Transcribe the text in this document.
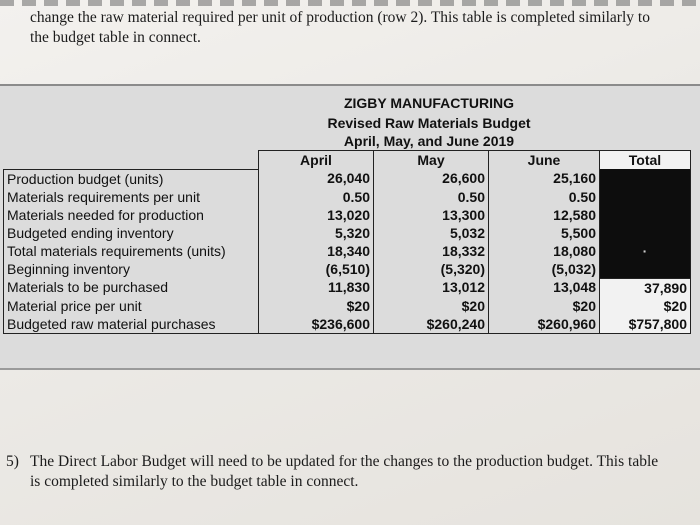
change the raw material required per unit of production (row 2). This table is completed similarly to
the budget table in connect.
	ZIGBY MANUFACTURING			
	Revised Raw Materials Budget			
	April, May, and June 2019			
	April	May	June	Total
Production budget (units)	26,040	26,600	25,160	
Materials requirements per unit	0.50	0.50	0.50	
Materials needed for production	13,020	13,300	12,580	
Budgeted ending inventory	5,320	5,032	5,500	
Total materials requirements (units)	18,340	18,332	18,080	·
Beginning inventory	(6,510)	(5,320)	(5,032)	
Materials to be purchased	11,830	13,012	13,048	37,890
Material price per unit	$20	$20	$20	$20
Budgeted raw material purchases	$236,600	$260,240	$260,960	$757,800
5) The Direct Labor Budget will need to be updated for the changes to the production budget. This table
is completed similarly to the budget table in connect.
